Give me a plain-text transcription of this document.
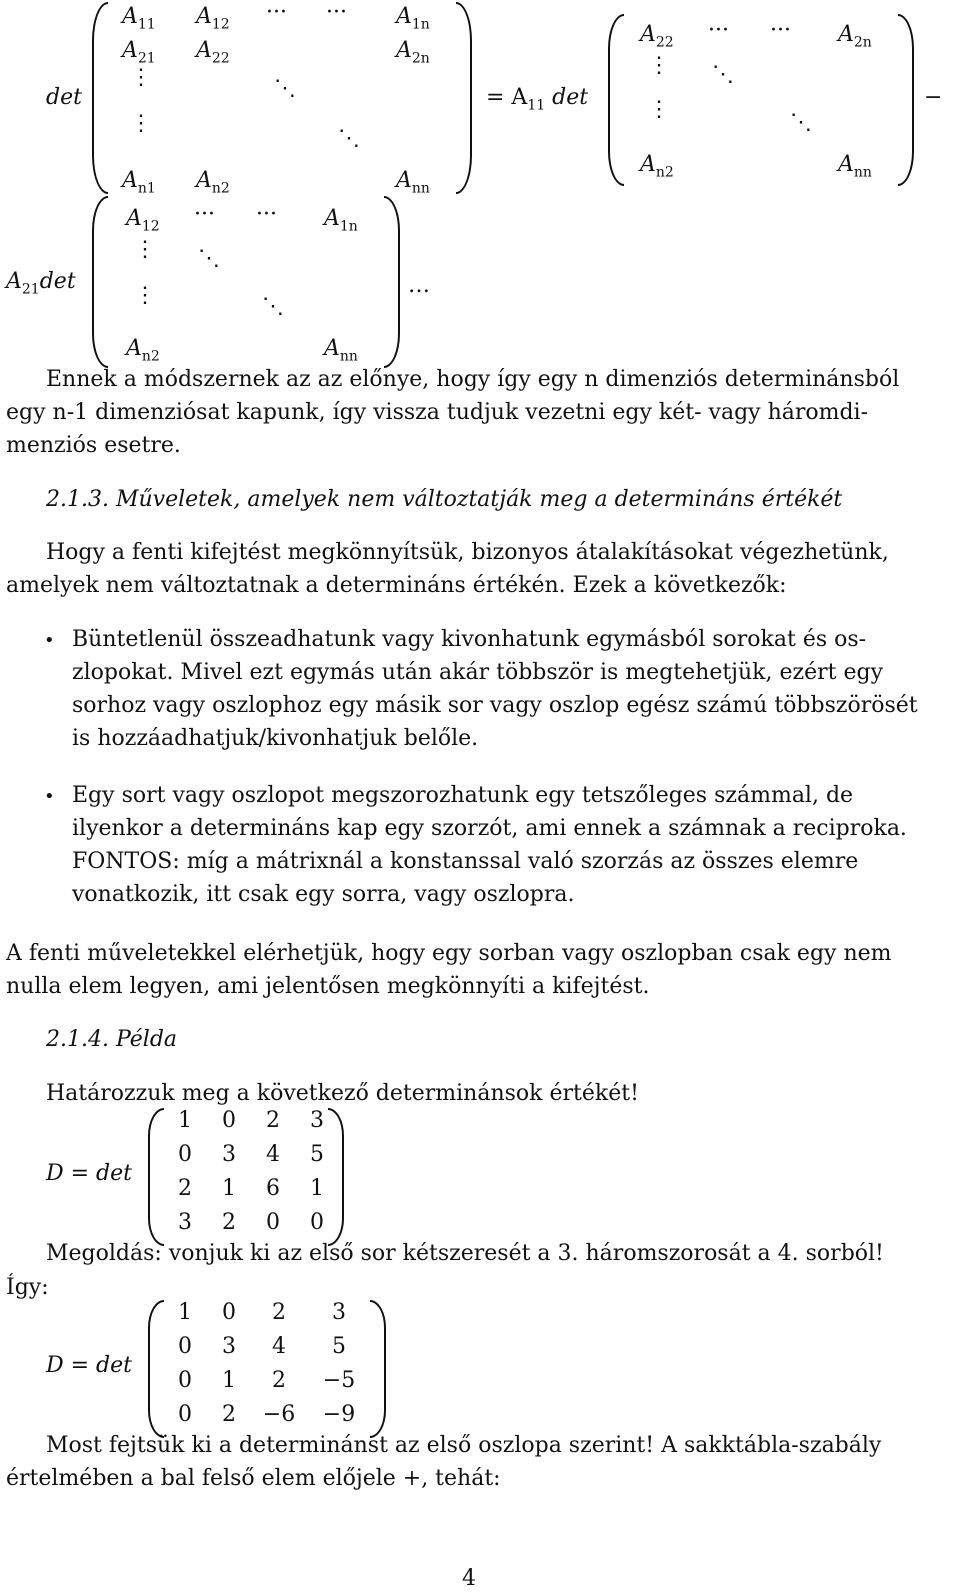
det
$A_{11}$ $A_{12}$ ··· ··· $A_{1n}$
$A_{21}$ $A_{22}$	$A_{2n}$
⋮
⋮
⋱
⋱
$A_{n1}$ $A_{n2}$	$A_{nn}$
= $A_{11}$ det
$A_{22}$ ··· ··· $A_{2n}$
⋮
⋮
⋱
⋱
$A_{n2}$	$A_{nn}$
−
$A_{21}\det$
$A_{12}$ ··· ··· $A_{1n}$
⋮
⋮
⋱
⋱
$A_{n2}$	$A_{nn}$
…
Ennek a módszernek az az előnye, hogy így egy n dimenziós determinánsból
egy n-1 dimenziósat kapunk, így vissza tudjuk vezetni egy két- vagy háromdi-
menziós esetre.
2.1.3. Műveletek, amelyek nem változtatják meg a determináns értékét
Hogy a fenti kifejtést megkönnyítsük, bizonyos átalakításokat végezhetünk,
amelyek nem változtatnak a determináns értékén. Ezek a következők:
• Büntetlenül összeadhatunk vagy kivonhatunk egymásból sorokat és os-
zlopokat. Mivel ezt egymás után akár többször is megtehetjük, ezért egy
sorhoz vagy oszlophoz egy másik sor vagy oszlop egész számú többszörösét
is hozzáadhatjuk/kivonhatjuk belőle.
• Egy sort vagy oszlopot megszorozhatunk egy tetszőleges számmal, de
ilyenkor a determináns kap egy szorzót, ami ennek a számnak a reciproka.
FONTOS: míg a mátrixnál a konstanssal való szorzás az összes elemre
vonatkozik, itt csak egy sorra, vagy oszlopra.
A fenti műveletekkel elérhetjük, hogy egy sorban vagy oszlopban csak egy nem
nulla elem legyen, ami jelentősen megkönnyíti a kifejtést.
2.1.4. Példa
Határozzuk meg a következő determinánsok értékét!
D = det
1	0	2	3
0	3	4	5
2	1	6	1
3	2	0	0
Megoldás: vonjuk ki az első sor kétszeresét a 3. háromszorosát a 4. sorból!
Így:
D = det
1	0	2	3
0	3	4	5
0	1	2	−5
0	2	−6 −9
Most fejtsük ki a determinánst az első oszlopa szerint! A sakktábla-szabály
értelmében a bal felső elem előjele +, tehát:
4
